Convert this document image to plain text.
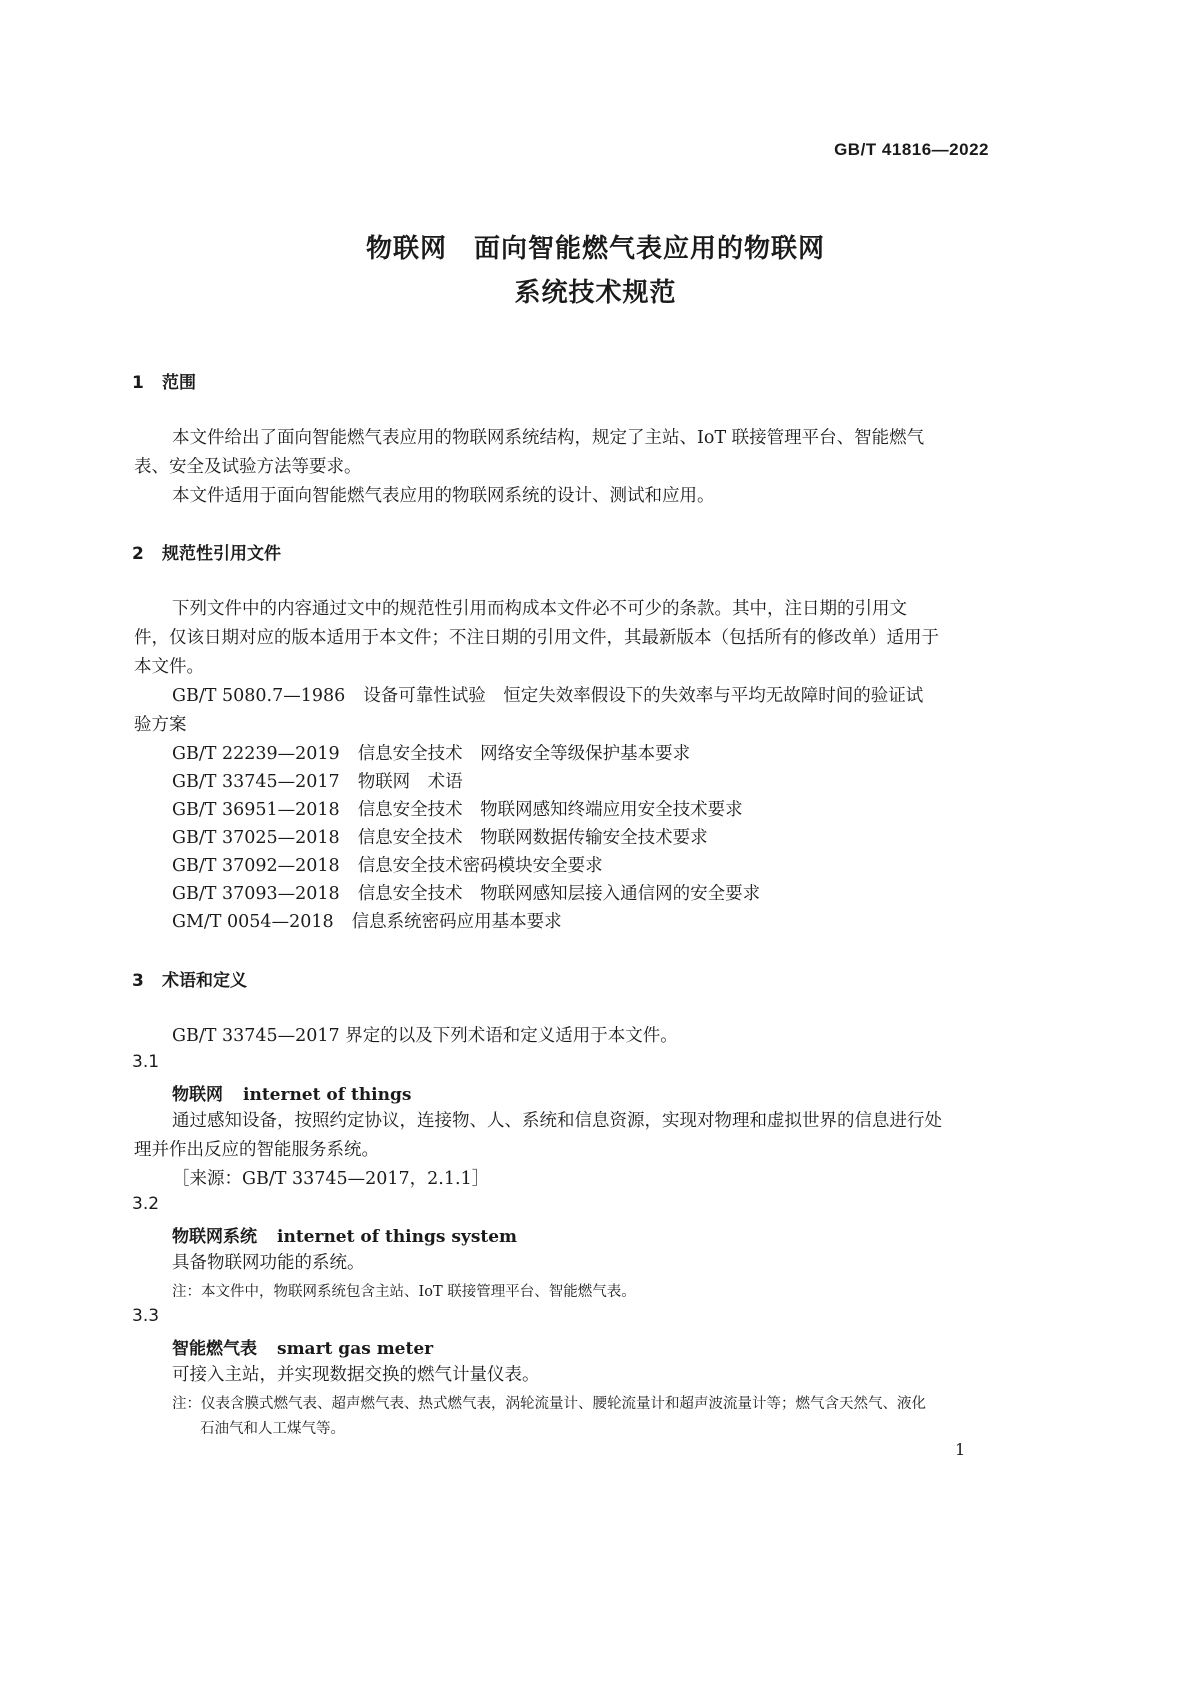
GB/T 41816—2022
物联网　面向智能燃气表应用的物联网
系统技术规范
1 范围
本文件给出了面向智能燃气表应用的物联网系统结构，规定了主站、IoT 联接管理平台、智能燃气
表、安全及试验方法等要求。
本文件适用于面向智能燃气表应用的物联网系统的设计、测试和应用。
2 规范性引用文件
下列文件中的内容通过文中的规范性引用而构成本文件必不可少的条款。其中，注日期的引用文
件，仅该日期对应的版本适用于本文件；不注日期的引用文件，其最新版本（包括所有的修改单）适用于
本文件。
GB/T 5080.7—1986 设备可靠性试验　恒定失效率假设下的失效率与平均无故障时间的验证试
验方案
GB/T 22239—2019 信息安全技术　网络安全等级保护基本要求
GB/T 33745—2017 物联网　术语
GB/T 36951—2018 信息安全技术　物联网感知终端应用安全技术要求
GB/T 37025—2018 信息安全技术　物联网数据传输安全技术要求
GB/T 37092—2018 信息安全技术密码模块安全要求
GB/T 37093—2018 信息安全技术　物联网感知层接入通信网的安全要求
GM/T 0054—2018 信息系统密码应用基本要求
3 术语和定义
GB/T 33745—2017 界定的以及下列术语和定义适用于本文件。
3.1
物联网 internet of things
通过感知设备，按照约定协议，连接物、人、系统和信息资源，实现对物理和虚拟世界的信息进行处
理并作出反应的智能服务系统。
［来源：GB/T 33745—2017，2.1.1］
3.2
物联网系统 internet of things system
具备物联网功能的系统。
注：本文件中，物联网系统包含主站、IoT 联接管理平台、智能燃气表。
3.3
智能燃气表 smart gas meter
可接入主站，并实现数据交换的燃气计量仪表。
注：仪表含膜式燃气表、超声燃气表、热式燃气表，涡轮流量计、腰轮流量计和超声波流量计等；燃气含天然气、液化
石油气和人工煤气等。
1
